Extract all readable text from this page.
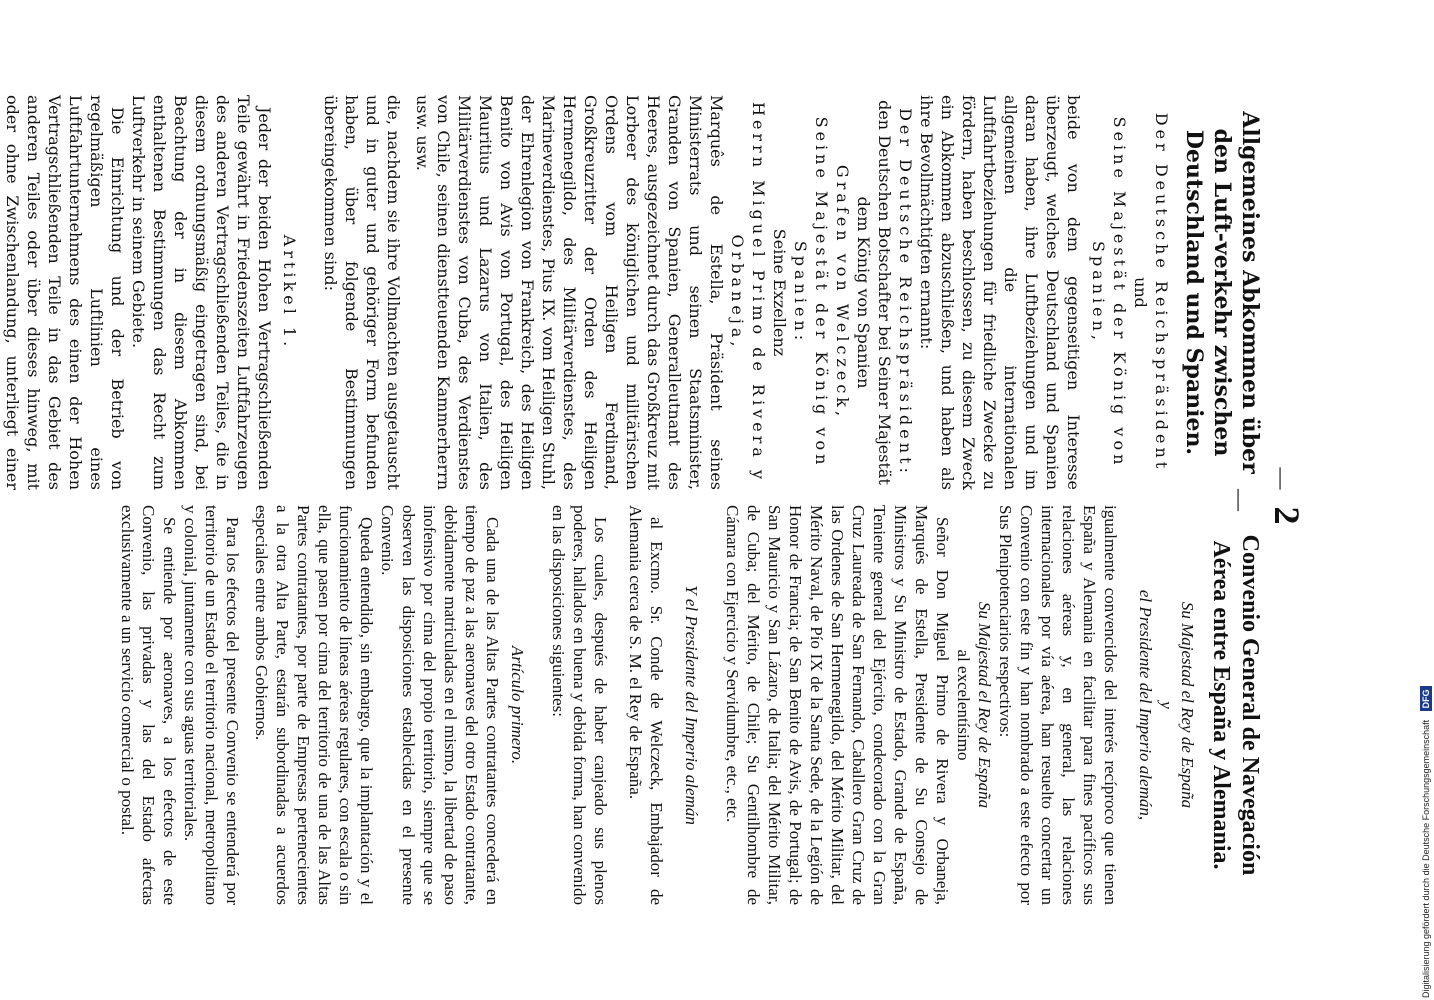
— 2 —

Allgemeines Abkommen über den Luft-verkehr zwischen Deutschland und Spanien.

Der Deutsche Reichspräsident

und

Seine Majestät der König von Spanien,

beide von dem gegenseitigen Interesse überzeugt, welches Deutschland und Spanien daran haben, ihre Luftbeziehungen und im allgemeinen die internationalen Luftfahrtbeziehungen für friedliche Zwecke zu fördern, haben beschlossen, zu diesem Zweck ein Abkommen abzuschließen, und haben als ihre Bevollmächtigten ernannt:

Der Deutsche Reichspräsident:

den Deutschen Botschafter bei Seiner Majestät dem König von Spanien

Grafen von Welczeck,

Seine Majestät der König von Spanien:

Seine Exzellenz

Herrn Miguel Primo de Rivera y Orbaneja,

Marquês de Estella, Präsident seines Ministerrats und seinen Staatsminister, Granden von Spanien, Generalleutnant des Heeres, ausgezeichnet durch das Großkreuz mit Lorbeer des königlichen und militärischen Ordens vom Heiligen Ferdinand, Großkreuzritter der Orden des Heiligen Hermenegildo, des Militärverdienstes, des Marineverdienstes, Pius IX. vom Heiligen Stuhl, der Ehrenlegion von Frankreich, des Heiligen Benito von Avis von Portugal, des Heiligen Mauritius und Lazarus von Italien, des Militärverdienstes von Cuba, des Verdienstes von Chile, seinen dienstteuenden Kammerherrn usw. usw.

die, nachdem sie ihre Vollmachten ausgetauscht und in guter und gehöriger Form befunden haben, über folgende Bestimmungen übereingekommen sind:

Artikel 1.

Jeder der beiden Hohen Vertragschließenden Teile gewährt in Friedenszeiten Luftfahrzeugen des anderen Vertragschließenden Teiles, die in diesem ordnungsmäßig eingetragen sind, bei Beachtung der in diesem Abkommen enthaltenen Bestimmungen das Recht zum Luftverkehr in seinem Gebiete.

Die Einrichtung und der Betrieb von regelmäßigen Luftlinien eines Luftfahrtunternehmens des einen der Hohen Vertragschließenden Teile in das Gebiet des anderen Teiles oder über dieses hinweg, mit oder ohne Zwischenlandung, unterliegt einer

Convenio General de Navegación Aérea entre España y Alemania.

Su Majestad el Rey de España

y

el Presidente del Imperio alemán,

igualmente convencidos del interés recíproco que tienen España y Alemania en facilitar para fines pacíficos sus relaciones aéreas y, en general, las relaciones internacionales por vía aérea, han resuelto concertar un Convenio con este fin y han nombrado a este efecto por Sus Plenipotenciarios respectivos:

Su Majestad el Rey de España

al excelentísimo

Señor Don Miguel Primo de Rivera y Orbaneja, Marqués de Estella, Presidente de Su Consejo de Ministros y Su Ministro de Estado, Grande de España, Teniente general del Ejército, condecorado con la Gran Cruz Laureada de San Fernando, Caballero Gran Cruz de las Ordenes de San Hermenegildo, del Mérito Militar, del Mérito Naval, de Pío IX de la Santa Sede, de la Legión de Honor de Francia; de San Benito de Avis, de Portugal; de San Mauricio y San Lázaro, de Italia; del Mérito Militar, de Cuba; del Mérito, de Chile; Su Gentilhombre de Cámara con Ejercicio y Servidumbre, etc., etc.

Y el Presidente del Imperio alemán

al Excmo. Sr. Conde de Welczeck, Embajador de Alemania cerca de S. M. el Rey de España.

Los cuales, después de haber canjeado sus plenos poderes, hallados en buena y debida forma, han convenido en las disposiciones siguientes:

Artículo primero.

Cada una de las Altas Partes contratantes concederá en tiempo de paz a las aeronaves del otro Estado contratante, debidamente matriculadas en el mismo, la libertad de paso inofensivo por cima del propio territorio, siempre que se observen las disposiciones establecidas en el presente Convenio.

Queda entendido, sin embargo, que la implantación y el funcionamiento de líneas aéreas regulares, con escala o sin ella, que pasen por cima del territorio de una de las Altas Partes contratantes, por parte de Empresas pertenecientes a la otra Alta Parte, estarán subordinadas a acuerdos especiales entre ambos Gobiernos.

Para los efectos del presente Convenio se entenderá por territorio de un Estado el territorio nacional, metropolitano y colonial, juntamente con sus aguas territoriales.

Se entiende por aeronaves, a los efectos de este Convenio, las privadas y las del Estado afectas exclusivamente a un servicio comercial o postal.

Digitalisierung gefördert durch die Deutsche Forschungsgemeinschaft DFG
